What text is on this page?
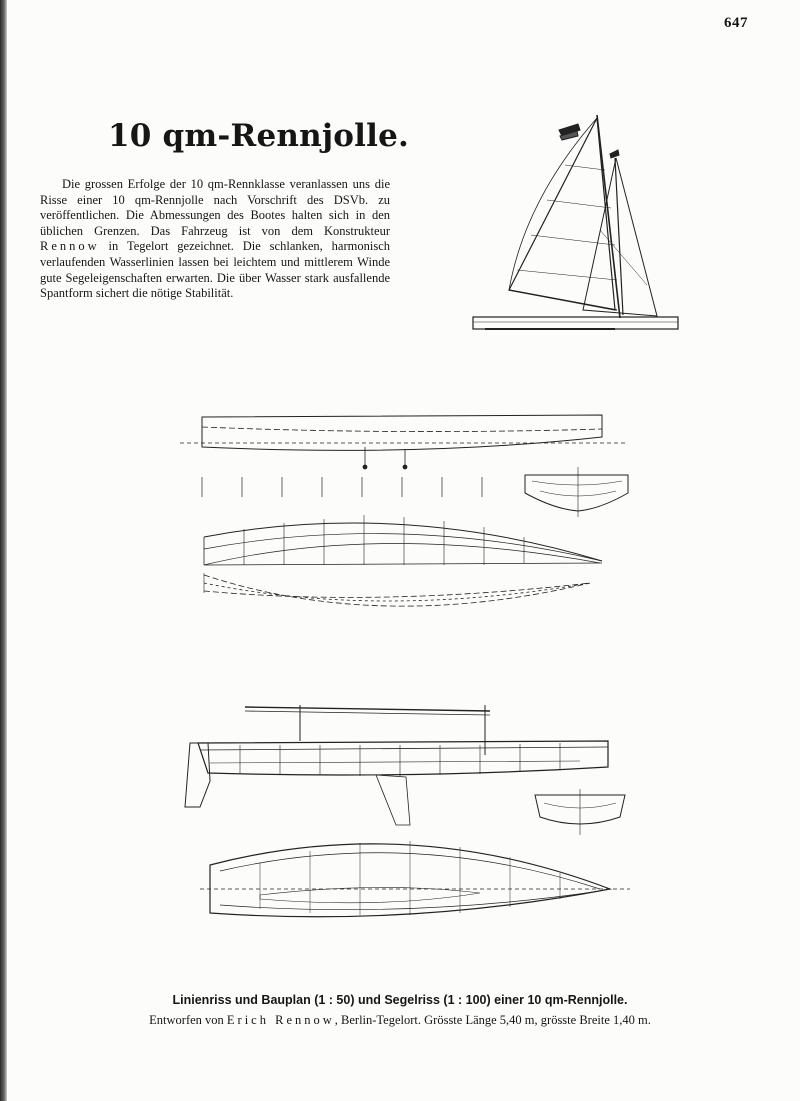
647
10 qm-Rennjolle.

Die grossen Erfolge der 10 qm-Rennklasse veranlassen uns die Risse einer 10 qm-Rennjolle nach Vorschrift des DSVb. zu veröffentlichen. Die Abmessungen des Bootes halten sich in den üblichen Grenzen. Das Fahrzeug ist von dem Konstrukteur Rennow in Tegelort gezeichnet. Die schlanken, harmonisch verlaufenden Wasserlinien lassen bei leichtem und mittlerem Winde gute Segeleigenschaften erwarten. Die über Wasser stark ausfallende Spantform sichert die nötige Stabilität.

Linienriss und Bauplan (1 : 50) und Segelriss (1 : 100) einer 10 qm-Rennjolle.
Entworfen von Erich Rennow, Berlin-Tegelort. Grösste Länge 5,40 m, grösste Breite 1,40 m.
